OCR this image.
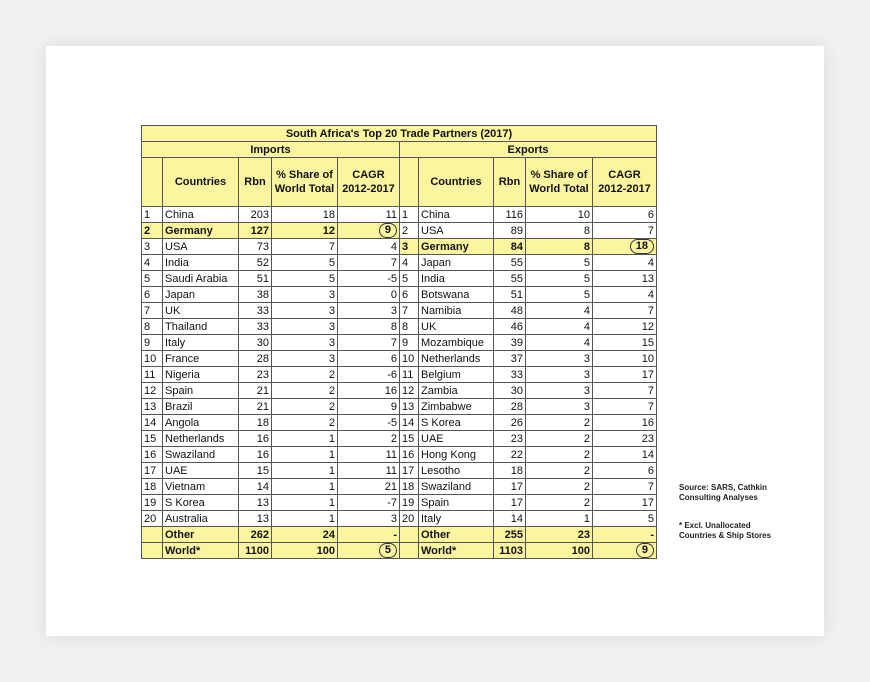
South Africa's Top 20 Trade Partners (2017)									
Imports					Exports				
	Countries	Rbn	% Share of World Total	CAGR 2012-2017		Countries	Rbn	% Share of World Total	CAGR 2012-2017
1	China	203	18	11	1	China	116	10	6
2	Germany	127	12	9	2	USA	89	8	7
3	USA	73	7	4	3	Germany	84	8	18
4	India	52	5	7	4	Japan	55	5	4
5	Saudi Arabia	51	5	-5	5	India	55	5	13
6	Japan	38	3	0	6	Botswana	51	5	4
7	UK	33	3	3	7	Namibia	48	4	7
8	Thailand	33	3	8	8	UK	46	4	12
9	Italy	30	3	7	9	Mozambique	39	4	15
10	France	28	3	6	10	Netherlands	37	3	10
11	Nigeria	23	2	-6	11	Belgium	33	3	17
12	Spain	21	2	16	12	Zambia	30	3	7
13	Brazil	21	2	9	13	Zimbabwe	28	3	7
14	Angola	18	2	-5	14	S Korea	26	2	16
15	Netherlands	16	1	2	15	UAE	23	2	23
16	Swaziland	16	1	11	16	Hong Kong	22	2	14
17	UAE	15	1	11	17	Lesotho	18	2	6
18	Vietnam	14	1	21	18	Swaziland	17	2	7
19	S Korea	13	1	-7	19	Spain	17	2	17
20	Australia	13	1	3	20	Italy	14	1	5
	Other	262	24	-		Other	255	23	-
	World*	1100	100	5		World*	1103	100	9
Source: SARS, Cathkin Consulting Analyses
* Excl. Unallocated Countries & Ship Stores
